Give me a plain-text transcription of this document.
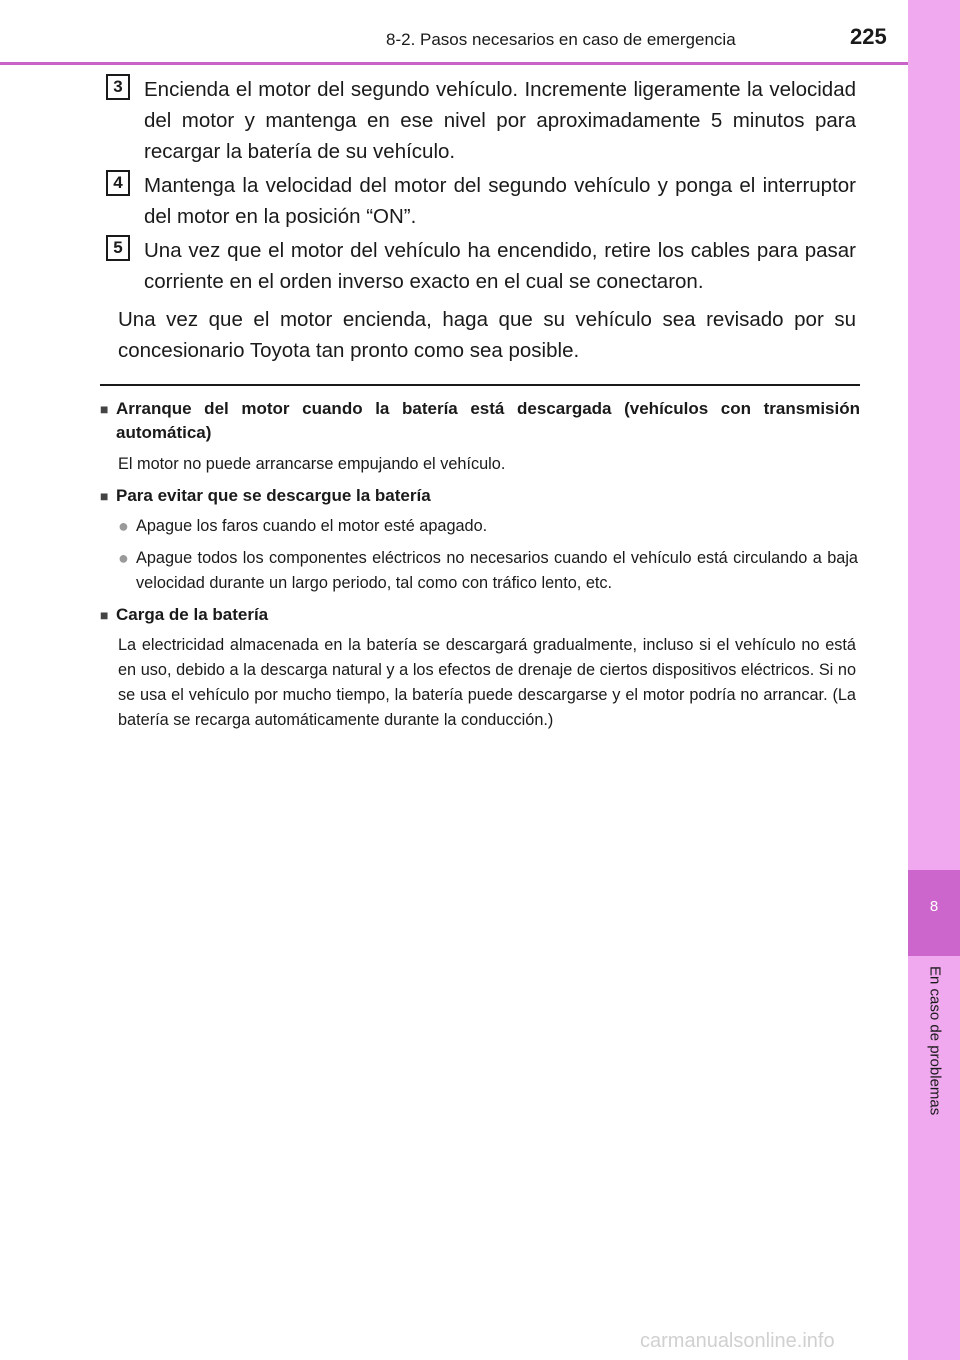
8-2. Pasos necesarios en caso de emergencia	225
8
En caso de problemas
3	Encienda el motor del segundo vehículo. Incremente ligeramente la velocidad del motor y mantenga en ese nivel por aproximadamente 5 minutos para recargar la batería de su vehículo.

4	Mantenga la velocidad del motor del segundo vehículo y ponga el interruptor del motor en la posición “ON”.

5	Una vez que el motor del vehículo ha encendido, retire los cables para pasar corriente en el orden inverso exacto en el cual se conectaron.

Una vez que el motor encienda, haga que su vehículo sea revisado por su concesionario Toyota tan pronto como sea posible.

■ Arranque del motor cuando la batería está descargada (vehículos con transmisión automática)

El motor no puede arrancarse empujando el vehículo.

■ Para evitar que se descargue la batería
● Apague los faros cuando el motor esté apagado.
● Apague todos los componentes eléctricos no necesarios cuando el vehículo está circulando a baja velocidad durante un largo periodo, tal como con tráfico lento, etc.
■ Carga de la batería

La electricidad almacenada en la batería se descargará gradualmente, incluso si el vehículo no está en uso, debido a la descarga natural y a los efectos de drenaje de ciertos dispositivos eléctricos. Si no se usa el vehículo por mucho tiempo, la batería puede descargarse y el motor podría no arrancar. (La batería se recarga automáticamente durante la conducción.)

carmanualsonline.info
